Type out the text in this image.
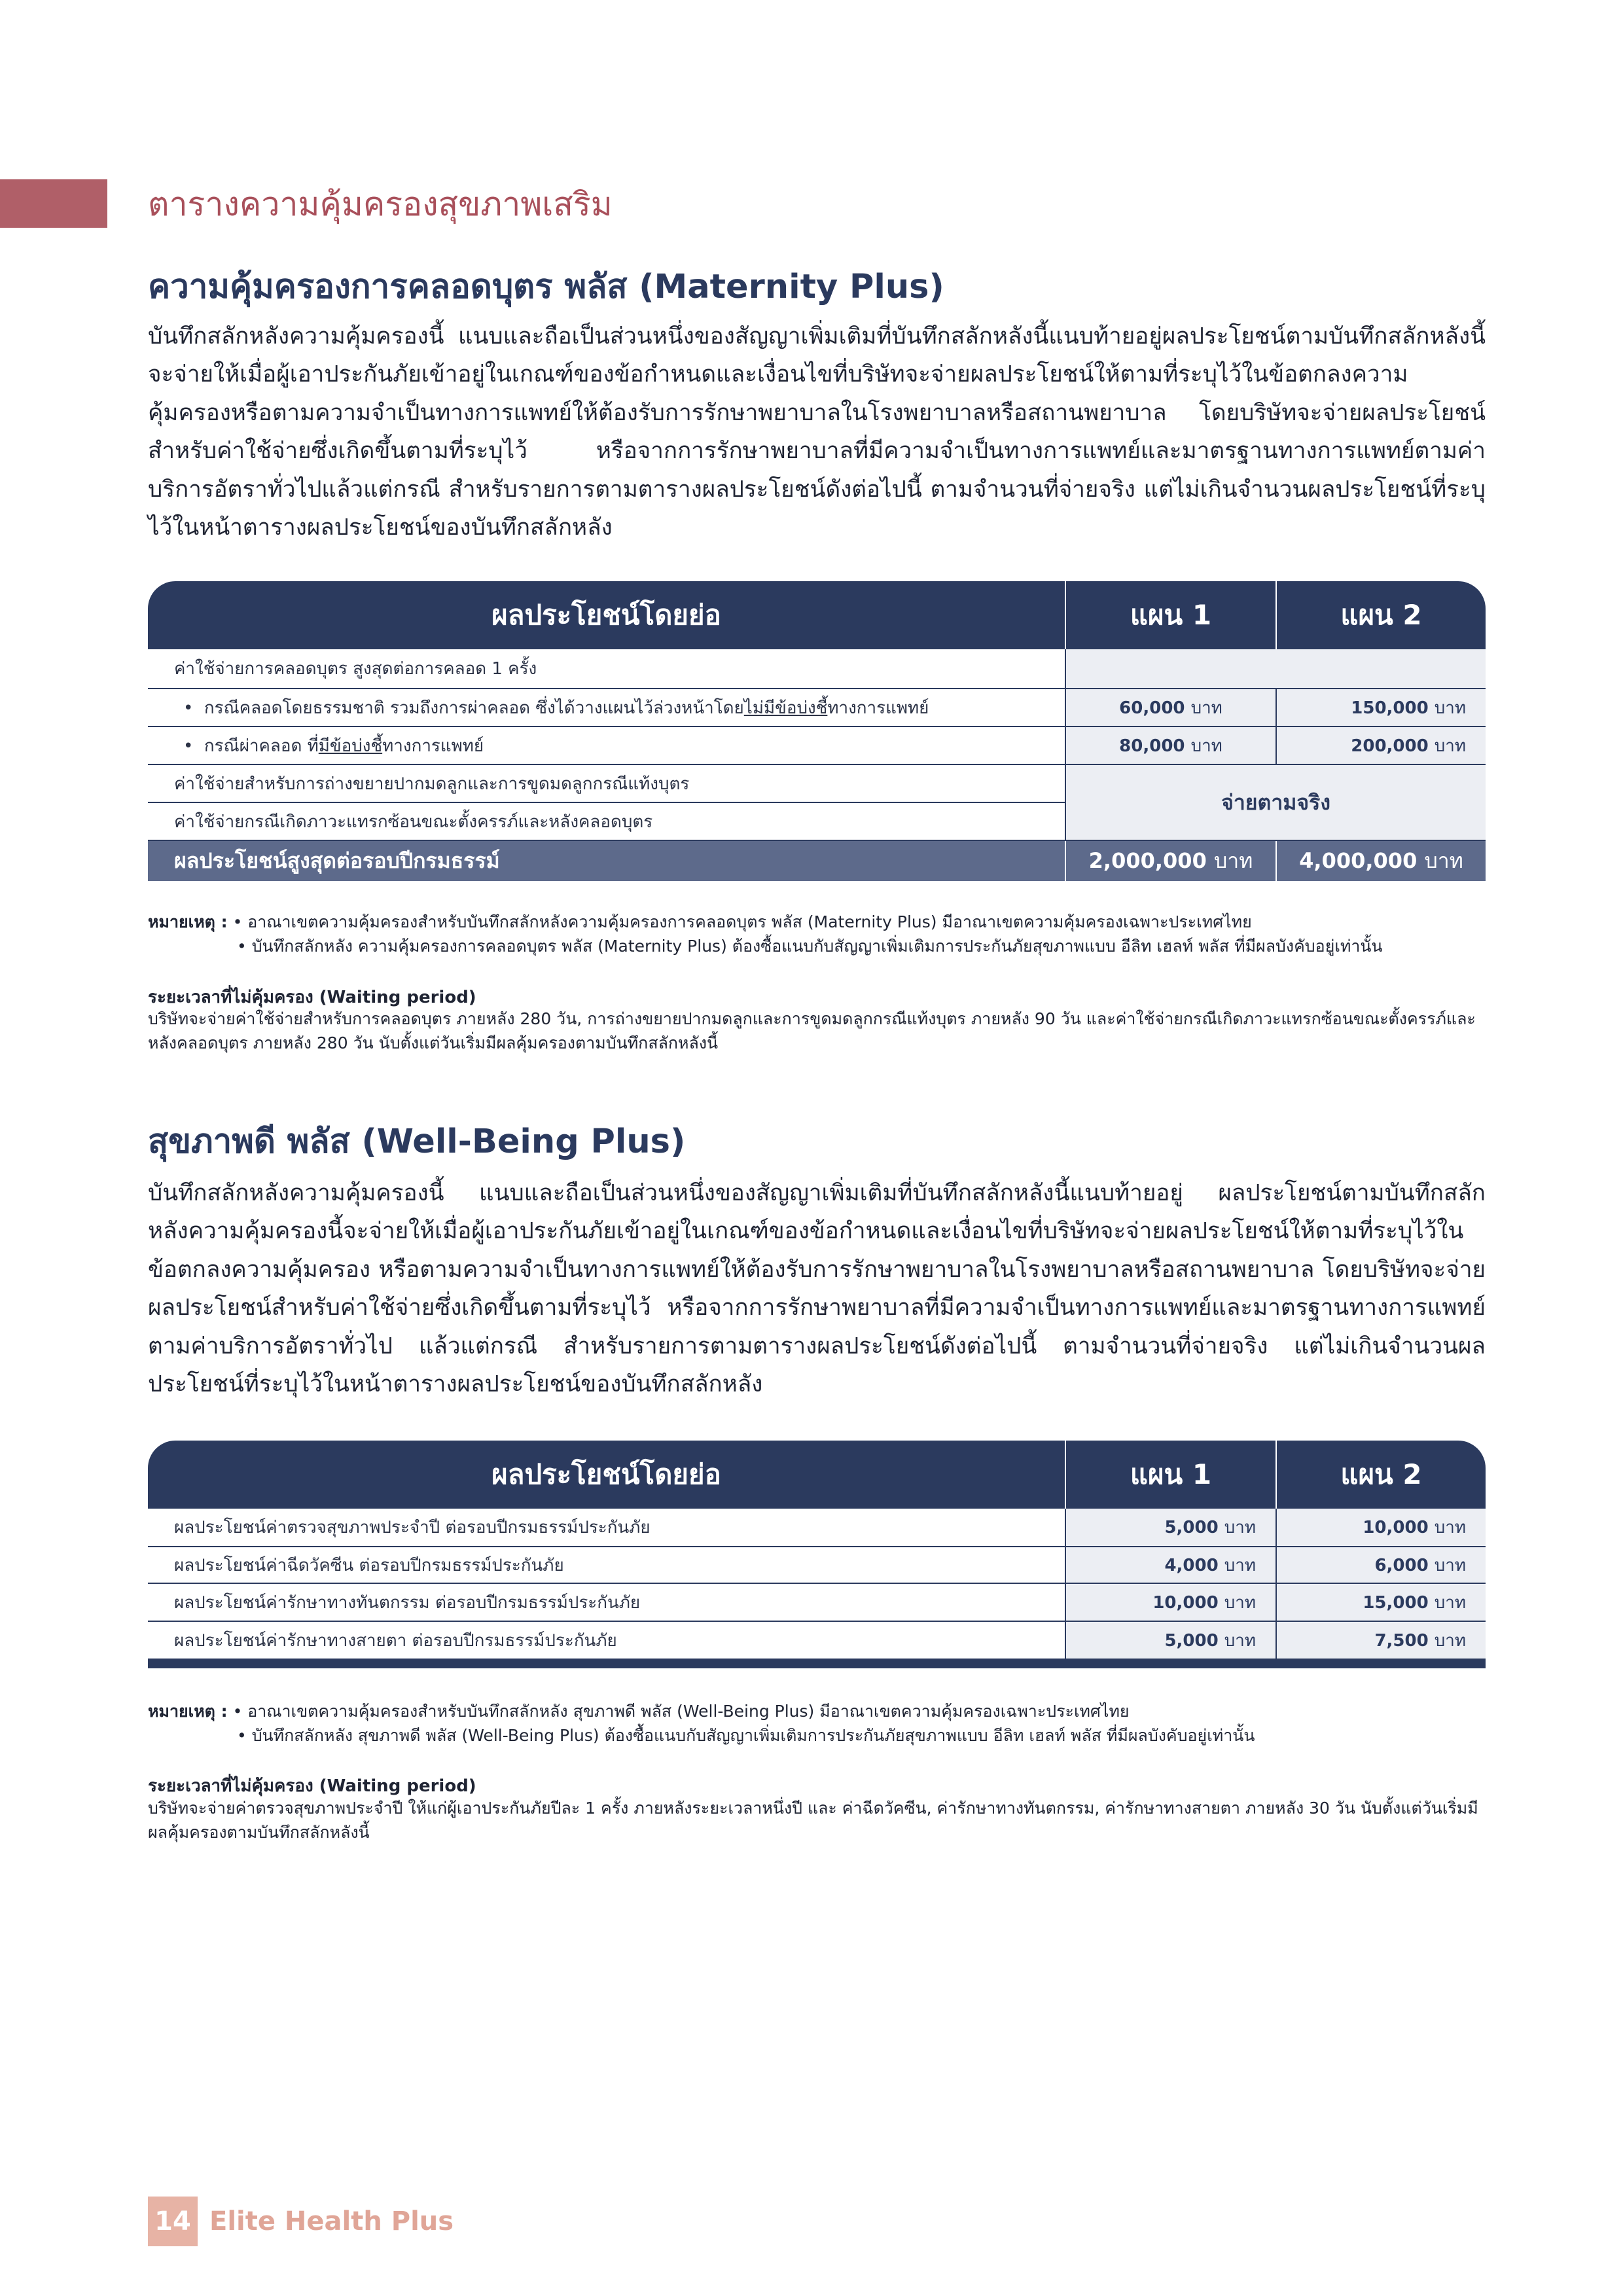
ตารางความคุ้มครองสุขภาพเสริม
ความคุ้มครองการคลอดบุตร พลัส (Maternity Plus)

บันทึกสลักหลังความคุ้มครองนี้ แนบและถือเป็นส่วนหนึ่งของสัญญาเพิ่มเติมที่บันทึกสลักหลังนี้แนบท้ายอยู่ผลประโยชน์ตามบันทึกสลักหลังนี้จะจ่ายให้เมื่อผู้เอาประกันภัยเข้าอยู่ในเกณฑ์ของข้อกำหนดและเงื่อนไขที่บริษัทจะจ่ายผลประโยชน์ให้ตามที่ระบุไว้ในข้อตกลงความคุ้มครองหรือตามความจำเป็นทางการแพทย์ให้ต้องรับการรักษาพยาบาลในโรงพยาบาลหรือสถานพยาบาล โดยบริษัทจะจ่ายผลประโยชน์สำหรับค่าใช้จ่ายซึ่งเกิดขึ้นตามที่ระบุไว้ หรือจากการรักษาพยาบาลที่มีความจำเป็นทางการแพทย์และมาตรฐานทางการแพทย์ตามค่าบริการอัตราทั่วไปแล้วแต่กรณี สำหรับรายการตามตารางผลประโยชน์ดังต่อไปนี้ ตามจำนวนที่จ่ายจริง แต่ไม่เกินจำนวนผลประโยชน์ที่ระบุไว้ในหน้าตารางผลประโยชน์ของบันทึกสลักหลัง

ผลประโยชน์โดยย่อ	แผน 1	แผน 2
ค่าใช้จ่ายการคลอดบุตร สูงสุดต่อการคลอด 1 ครั้ง		
•  กรณีคลอดโดยธรรมชาติ รวมถึงการผ่าคลอด ซึ่งได้วางแผนไว้ล่วงหน้าโดยไม่มีข้อบ่งชี้ทางการแพทย์	60,000 บาท	150,000 บาท
•  กรณีผ่าคลอด ที่มีข้อบ่งชี้ทางการแพทย์	80,000 บาท	200,000 บาท
ค่าใช้จ่ายสำหรับการถ่างขยายปากมดลูกและการขูดมดลูกกรณีแท้งบุตร	จ่ายตามจริง	
ค่าใช้จ่ายกรณีเกิดภาวะแทรกซ้อนขณะตั้งครรภ์และหลังคลอดบุตร		
ผลประโยชน์สูงสุดต่อรอบปีกรมธรรม์	2,000,000 บาท	4,000,000 บาท

หมายเหตุ : • อาณาเขตความคุ้มครองสำหรับบันทึกสลักหลังความคุ้มครองการคลอดบุตร พลัส (Maternity Plus) มีอาณาเขตความคุ้มครองเฉพาะประเทศไทย
• บันทึกสลักหลัง ความคุ้มครองการคลอดบุตร พลัส (Maternity Plus) ต้องซื้อแนบกับสัญญาเพิ่มเติมการประกันภัยสุขภาพแบบ อีลิท เฮลท์ พลัส ที่มีผลบังคับอยู่เท่านั้น

ระยะเวลาที่ไม่คุ้มครอง (Waiting period)

บริษัทจะจ่ายค่าใช้จ่ายสำหรับการคลอดบุตร ภายหลัง 280 วัน, การถ่างขยายปากมดลูกและการขูดมดลูกกรณีแท้งบุตร ภายหลัง 90 วัน และค่าใช้จ่ายกรณีเกิดภาวะแทรกซ้อนขณะตั้งครรภ์และหลังคลอดบุตร ภายหลัง 280 วัน นับตั้งแต่วันเริ่มมีผลคุ้มครองตามบันทึกสลักหลังนี้

สุขภาพดี พลัส (Well-Being Plus)

บันทึกสลักหลังความคุ้มครองนี้ แนบและถือเป็นส่วนหนึ่งของสัญญาเพิ่มเติมที่บันทึกสลักหลังนี้แนบท้ายอยู่ ผลประโยชน์ตามบันทึกสลักหลังความคุ้มครองนี้จะจ่ายให้เมื่อผู้เอาประกันภัยเข้าอยู่ในเกณฑ์ของข้อกำหนดและเงื่อนไขที่บริษัทจะจ่ายผลประโยชน์ให้ตามที่ระบุไว้ในข้อตกลงความคุ้มครอง หรือตามความจำเป็นทางการแพทย์ให้ต้องรับการรักษาพยาบาลในโรงพยาบาลหรือสถานพยาบาล โดยบริษัทจะจ่ายผลประโยชน์สำหรับค่าใช้จ่ายซึ่งเกิดขึ้นตามที่ระบุไว้ หรือจากการรักษาพยาบาลที่มีความจำเป็นทางการแพทย์และมาตรฐานทางการแพทย์ตามค่าบริการอัตราทั่วไป แล้วแต่กรณี สำหรับรายการตามตารางผลประโยชน์ดังต่อไปนี้ ตามจำนวนที่จ่ายจริง แต่ไม่เกินจำนวนผลประโยชน์ที่ระบุไว้ในหน้าตารางผลประโยชน์ของบันทึกสลักหลัง

ผลประโยชน์โดยย่อ	แผน 1	แผน 2
ผลประโยชน์ค่าตรวจสุขภาพประจำปี ต่อรอบปีกรมธรรม์ประกันภัย	5,000 บาท	10,000 บาท
ผลประโยชน์ค่าฉีดวัคซีน ต่อรอบปีกรมธรรม์ประกันภัย	4,000 บาท	6,000 บาท
ผลประโยชน์ค่ารักษาทางทันตกรรม ต่อรอบปีกรมธรรม์ประกันภัย	10,000 บาท	15,000 บาท
ผลประโยชน์ค่ารักษาทางสายตา ต่อรอบปีกรมธรรม์ประกันภัย	5,000 บาท	7,500 บาท

หมายเหตุ : • อาณาเขตความคุ้มครองสำหรับบันทึกสลักหลัง สุขภาพดี พลัส (Well-Being Plus) มีอาณาเขตความคุ้มครองเฉพาะประเทศไทย
• บันทึกสลักหลัง สุขภาพดี พลัส (Well-Being Plus) ต้องซื้อแนบกับสัญญาเพิ่มเติมการประกันภัยสุขภาพแบบ อีลิท เฮลท์ พลัส ที่มีผลบังคับอยู่เท่านั้น

ระยะเวลาที่ไม่คุ้มครอง (Waiting period)

บริษัทจะจ่ายค่าตรวจสุขภาพประจำปี ให้แก่ผู้เอาประกันภัยปีละ 1 ครั้ง ภายหลังระยะเวลาหนึ่งปี และ ค่าฉีดวัคซีน, ค่ารักษาทางทันตกรรม, ค่ารักษาทางสายตา ภายหลัง 30 วัน นับตั้งแต่วันเริ่มมีผลคุ้มครองตามบันทึกสลักหลังนี้

14 Elite Health Plus
